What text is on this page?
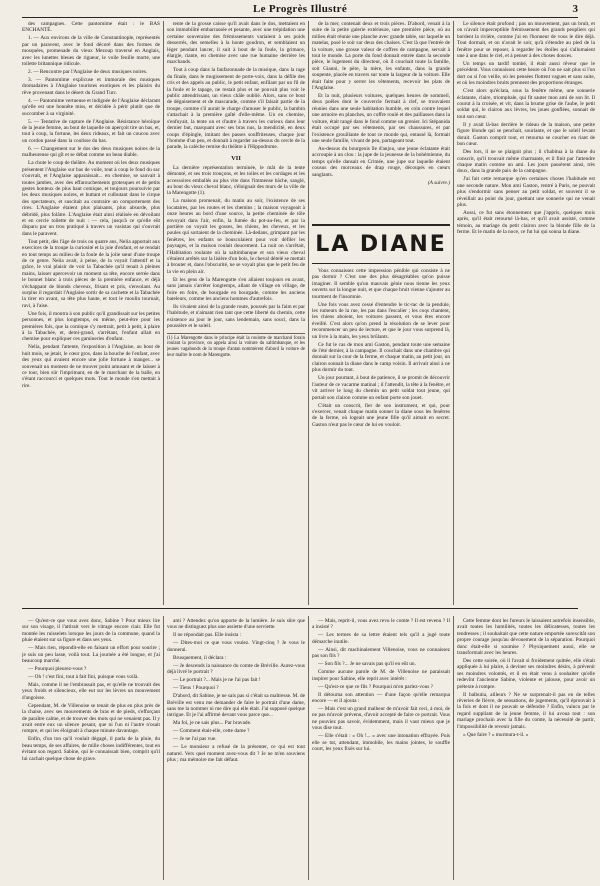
Le Progrès Illustré	3

des campagnes. Cette pantomime était : le BAS ENCHANTÉ.

1. — Aux environs de la ville de Constantinople, représentés par un paravent, avec le fond décoré dans des formes de mosquées, promenade du vieux Mezoup traversé en Anglais, avec les lunettes bleues de rigueur, le voile feuille morte, une toilette britannique ridicule.

2. — Rencontre par l'Anglaise de deux musiques noires.

3. — Pantomime explicuse et immorale des musiques dromadaires à l'Anglaise touristes exotiques et les plaisirs du rêve provenant dans le désert du Grand Turc.

4. — Pantomime vertueuse et indignée de l'Anglaise déclarant qu'elle est une honnête miss, et décidée à périr plutôt que de succomber à sa virginité.

5. — Tentative de capture de l'Anglaise. Résistance héroïque de la jeune femme, au bout de laquelle on aperçoit tire un bas, et, tout à coup, la fortune, les deux rideaux, et fait un coucou avec un cordon passé dans la coulisse du bas.

6. — Changement sur le dos des deux musiques noires de la malheureuse qui gît et se débat comme un beau diable.

La chute le coup de théâtre. Au moment où les deux musiques présentent l'Anglaise sur bas de voile, tout à coup le fond du sac s'ouvrait, et l'Anglaise apparaissait... en chemise, se sauvait à toutes jambes, avec des effarouchements grotesques et de petits gestes honteux de plus haut comique, et toujours poursuivie par les deux musiques noires, et buttant et culbutant dans le cirque des spectateurs, et suscitait au contraire un comportement des rires. L'Anglaise étaient plus plaisants, plus absurde, plus débridé, plus folâtre. L'Anglaise était ainsi réalisée en dévoilant et en cercle toilette de nuit : — cela, jusqu'à ce qu'elle eût disparu par un trou pratiqué à travers un vasistas qui s'ouvrait dans le paravent.

Tout petit, dès l'âge de trois ou quatre ans, Nelia apportait aux exercices de la troupe la curiosité et la joie d'enfant, et se rendait en tout temps au milieu de la foule de la jolie sœur d'une troupe de ce genre. Nelia avait, à peine, de la voyait l'attentif et la grâce, le vrai plaisir de voir la Tabachée qu'il tenait à pleines mains, laisser apercevoir un moment sa tête, encore serrée dans le bonnet blanc à trois pièces de la première enfance, et déjà s'échappant de blonds cheveux, frisant et pris, s'envolant. Au surplus il regardait l'Anglaise sortir de sa cachette et la Tabachée la tirer en avant, sa tête plus haute, et tout le moulin tournait, ravi, à l'aise.

Une fois, il montra à son public qu'il grandissait sur les petites personnes, et plus longtemps, en même, peut-être pour les premières fois, que la comique s'y mettrait, petit à petit, à plaire à la Tabachée, et, demi-grand, s'arrêtant, l'enfant allait en chemise pour expliquer ces gamineries d'enfant.

Nelia, pendant l'attente, l'exposition à l'Anglaise, au bout de huit mois, se jetait, le cœur gros, dans la bouche de l'enfant, avec des yeux qui avaient encore une jolie fortune à manger... se souvenait un moment de ne trouver point amusant et de laisser à ce tour, bien sûr l'imprimant, en de le marchant de la balle, en s'étant raccourci et quelques mots. Tout le monde s'en mettait à rire.

tente de la grosse caisse qu'il avait dans le dos, mettaient en son immobilité embarrassée et pesante, avec une trépidation une certaine souveraine des frémissements variaient à ses poids desserrés, des semelles à la honte goudron, et semblaient un léger pendant lancer, il suit à bout de la foule, la grimace, élargie, riante, en chemise avec une rue humaine derrière les marchands.

Tout à coup dans la fanfaronnade de la musique, dans la rage du finale, dans le mugissement de porte-voix, dans la défile des cris et des appels au public, le petit enfant, enfilant par un fil de la foule et le tapage, ne restait plus et ne pouvait plus voir le public attendrissant, un vieux châle oublié. Alors, sans ce bout de déguisement et de mascarade, comme s'il faisait partie de la troupe, comme s'il aurait le charge d'amuser le public, la bambin s'attachait à la première gaîté d'elle-même. Un en chemise, s'enfuyait, la tente un et d'autre à travers les curieux dans leur dernier but, marquant avec ses bras nus, la mendicité, en deux coups d'épingle, imitant des passes souffriteuses, chaque jour l'homme d'un peu, et donnait à regarder au-dessus du cercle de la parade, la calèche remise du théâtre à l'Hippodrome.

VII

La dernière représentation terminée, le mât de la tente démonté, et ses trois tronçons, et les toiles et les cordages et les accessoires emballés au plus vite dans l'immense bâche, sanglé, au bout du vieux cheval blanc, s'éloignait des murs de la ville de la Marengotte (1).

La maison promenait, du matin au soir, l'existence de ses locataires, par les routes et les chemins ; la maison voyageait à onze heures au bord d'une source, la petite cheminée de tôle envoyait dans l'air, enfin, la fumée du pot-au-feu, et par la portière on voyait les gosses, les chiens, les cheveux, et les poules qui sortaient de la cheminée. Là-dedans, grimpant par les fenêtres, les enfants se bousculaient pour voir défiler les paysages, et la maison roulait doucement. La nuit on s'arrêtait, l'Habitation roulante où la saltimbanque et son vieux cheval s'étaient arrêtés sur la lisière d'un bois, le cheval dételé se mettait à brouter et, dans l'obscurité, ne se voyait plus que le petit feu de la vie en plein air.

Et les gens de la Marengotte s'en allaient toujours en avant, sans jamais s'arrêter longtemps, allant de village en village, de foire en foire, de bourgade en bourgade, comme les anciens bateleurs, comme les anciens hommes d'autrefois.

Ils vivaient ainsi de la grande route, poussés par la faim et par l'habitude, et n'aimant rien tant que cette liberté du chemin, cette existence au jour le jour, sans lendemain, sans souci, dans la poussière et le soleil.

(1) La Marengotte dans le principe était la roulotte de marchand forain roulant la province, on appela ainsi la voiture du saltimbanque, et les jeunes vagabonds de la troupe d'antan nommèrent d'abord la voiture de leur maître le nom de Marengotte.

de la mer, contenait deux et trois pièces. D'abord, venait à la suite de la petite galerie extérieure, une première pièce, où au milieu était réunie une planche avec grande table, sur laquelle un matelas, posé le soir sur deux des chaises. C'est là que l'entrée de la voiture, une grosse valeur de coffres de campagne, servait à tout le monde. La porte du fond donnait entrée dans la seconde pièce, le logement du directeur, où il couchait toute la famille, soit Gianni, le père, la mère, les enfants, dans la grande soupente, placée en travers sur toute la largeur de la voiture. Elle était faite pour y serrer les vêtements, recevoir les plats de l'Anglaise.

Et la nuit, plusieurs voitures, quelques heures de sommeil, deux poêles dont le couvercle fermait à clef, se trouvaient réunies dans une seule habitation humble, en coin contre lequel une armoire en planches, un coffre roulé et des paillasses dans la voiture, était rangé dans le fond comme un grenier. Ici Stépanida était occupé par ses vêtements, par ses chaussures, et par l'existence grouillante de tout ce monde qui, entassé là, formait une seule famille, vivant de peu, partageant tout.

Au-dessus du bourgeois île d'anjou, une jeune éclatante était accroupie à un clou : la jupe de la jeunesse de la bohémienne, du temps qu'elle dansait en Crimée, une jupe sur laquelle étaient cousus des morceaux de drap rouge, découpés en cœurs sanglants.

(A suivre.)
LA DIANE

Vous connaissez cette impression pénible qui consiste à ne pas dormir ? C'est une des plus désagréables qu'on puisse imaginer. Il semble qu'un mauvais génie nous tienne les yeux ouverts sur la longue nuit, et que chaque bruit vienne s'ajouter au tourment de l'insomnie.

Une fois vous avez cessé d'entendre le tic-tac de la pendule, les rumeurs de la rue, les pas dans l'escalier ; les coqs chantent, les chiens aboient, les voitures passent, et vous êtes encore éveillé. C'est alors qu'on prend la résolution de se lever pour recommencer un peu de lecture, et que le jour vous surprend là, un livre à la main, les yeux brûlants.

Ce fut le cas de mon ami Gaston, pendant toute une semaine de l'été dernier, à la campagne. Il couchait dans une chambre qui donnait sur la cour de la ferme, et chaque matin, au petit jour, un clairon sonnait la diane dans le camp voisin. Il arrivait ainsi à ne plus dormir du tout.

Un jour pourtant, à bout de patience, il se promit de découvrir l'auteur de ce vacarme matinal ; il l'attendit, la tête à la fenêtre, et vit arriver le long du chemin un petit soldat tout jeune, qui portait son clairon comme un enfant porte son jouet.

C'était un conscrit, fier de son instrument, et qui, pour s'exercer, venait chaque matin sonner la diane sous les fenêtres de la ferme, où logeait une jeune fille qu'il aimait en secret. Gaston n'eut pas le cœur de lui en vouloir.

Le silence était profond ; pas un mouvement, pas un bruit, et on n'avait imperceptible frémissement des grands peupliers qui bordent la rivière, comme j'ai en l'honneur de vous le dire déjà. Tout dormait, et on n'avait le soir, qu'à s'étendre au pied de la fenêtre pour se reposer, à regarder les étoiles qui s'allumaient une à une dans le ciel, et à penser à des choses douces.

Un temps un tardif tombé, il était aussi rêveur que le précédent. Vous connaissez cette heure où l'on ne sait plus si l'on dort ou si l'on veille, où les pensées flottent vagues et sans suite, et où les moindres bruits prennent des proportions étranges.

C'est alors qu'éclata, sous la fenêtre même, une sonnerie éclatante, claire, triomphale, qui fit sauter mon ami de son lit. Il courut à la croisée, et vit, dans la brume grise de l'aube, le petit soldat qui, le clairon aux lèvres, les joues gonflées, sonnait de tout son cœur.

Il y avait là-bas derrière le rideau de la maison, une petite figure blonde qui se penchait, souriante, et que le soleil levant dorait. Gaston comprit tout, et retourna se coucher en riant de bon cœur.

Des lors, il ne se plaignit plus ; il s'habitua à la diane du conscrit, qu'il trouvait même charmante, et il finit par l'attendre chaque matin comme un ami. Les jours passèrent ainsi, très doux, dans la grande paix de la campagne.

J'ai fait cette remarque qu'en certaines choses l'habitude est une seconde nature. Mon ami Gaston, rentré à Paris, ne pouvait plus s'endormir sans penser au petit soldat, et souvent il se réveillait au point du jour, guettant une sonnerie qui ne venait plus.

Aussi, ce fut sans étonnement que j'appris, quelques mois après, qu'il était retourné là-bas, et qu'il avait assisté, comme témoin, au mariage du petit clairon avec la blonde fille de la ferme. Et le matin de la noce, ce fut lui qui sonna la diane.

— Qu'est-ce que vous avez donc, Sabine ? Pour mieux lire sur son visage, il l'attirait vers le vitrage encore clair. Elle fut montée les ruisselets lorsque les jours de la commune, quand la pluie étaient sur sa figure et dans ses yeux.

— Mais rien, répondit-elle en faisant un effort pour sourire ; je suis un peu lasse, voilà tout. La journée a été longue, et j'ai beaucoup marché.

— Pourquoi pleurez-vous ?

— Oh ! c'est fini, tout à fait fini, puisque vous voilà.

Mais, comme il ne l'embrassait pas, et qu'elle ne trouvait des yeux froids et silencieux, elle eut sur les lèvres un mouvement d'angoisse.

Cependant, M. de Villenoise se tenait de plus en plus près de la chaise, avec ses mouvements de bras et de pieds, s'efforçant de paraître calme, et de trouver des mots qui ne venaient pas. Il y avait entre eux un silence pesant, que ni l'un ni l'autre n'osait rompre, et qui les éloignait à chaque minute davantage.

Enfin, d'un ton qu'il voulait dégagé, il parla de la pluie, du beau temps, de ses affaires, de mille choses indifférentes, tout en évitant son regard. Sabine, qui le connaissait bien, comprit qu'il lui cachait quelque chose de grave.

ami ? Attendez qu'on apporte de la lumière. Je suis sûre que vous ne distinguez plus une assiette d'une serviette.

Il ne répondait pas. Elle insista :

— Dites-moi ce que vous voulez. Vingt-cinq ? Je vous le donnerai.

Brusquement, il déclara :

— Je descends la naissance du comte de Bréville. Aurez-vous déjà livré le portrait ?

— Le portrait ?... Mais je ne l'ai pas fait !

— Tiens ! Pourquoi ?

D'abord, dit Sabine, je ne sais pas si c'était sa maîtresse. M. de Bréville est venu me demander de faire le portrait d'une dame, sans me la nommer ni me dire qui elle était. J'ai supposé quelque intrigue. Et je l'ai affirmé devant vous parce que...

Ma foi, je ne sais plus... Par bravade.

— Comment était-elle, cette dame ?

— Je ne l'ai pas vue.

— Le monsieur a refusé de la présenter, ce qui est tout naturel. Vers quel moment avez-vous dit ? Je ne m'en souviens plus ; ma mémoire me fait défaut.

— Mais, reprit-il, vous avez revu le comte ? Il est revenu ? Il a insisté ?

— Les termes de sa lettre étaient tels qu'il a jugé toute démarche inutile.

— Ainsi, dit machinalement Villenoise, vous ne connaissez pas son fils ?

— Son fils ?... Je ne savais pas qu'il en eût un.

Comme aucune parole de M. de Villenoise ne paraissait inspirer pour Sabine, elle reprit avec intérêt :

— Qu'est-ce que ce fils ? Pourquoi m'en parlez-vous ?

Il détourna son attention — d'une façon qu'elle remarqua encore — et il ajouta :

— Mais c'est un grand malheur de m'avoir fait ceci, à moi, de ne pas m'avoir prévenu, d'avoir accepté de faire ce portrait. Vous ne pouviez pas savoir, évidemment, mais il vaut mieux que je vous dise tout.

— Elle s'était : « Oh !... » avec une intonation effrayée. Puis elle se tut, attendant, immobile, les mains jointes, le souffle court, les yeux fixés sur lui.

Cette femme dont les fureurs le laissaient autrefois insensible, avait toutes les humilités, toutes les délicatesses, toutes les tendresses ; il souhaitait que cette nature emportée surexcitât son propre courage jusqu'au dévouement de la séparation. Pourquoi donc était-elle si soumise ? Physiquement aussi, elle se transformait avec les heures.

Des cette soirée, où il l'avait si froidement quittée, elle s'était appliquée à lui plaire, à deviner ses moindres désirs, à prévenir ses moindres volontés, et il en était venu à souhaiter qu'elle redevînt l'ancienne Sabine, violente et jalouse, pour avoir un prétexte à rompre.

Il balbutia, ailleurs ? Ne se surprenait-il pas en de telles rêveries de fièvre, de sensations, de jugements, qu'il éprouvait à la fois et dont il ne pouvait se défendre ? Enfin, vaincu par le regard suppliant de la jeune femme, il lui avoua tout : son mariage prochain avec la fille du comte, la nécessité de partir, l'impossibilité de revenir jamais.

« Que faire ? » murmura-t-il. »
